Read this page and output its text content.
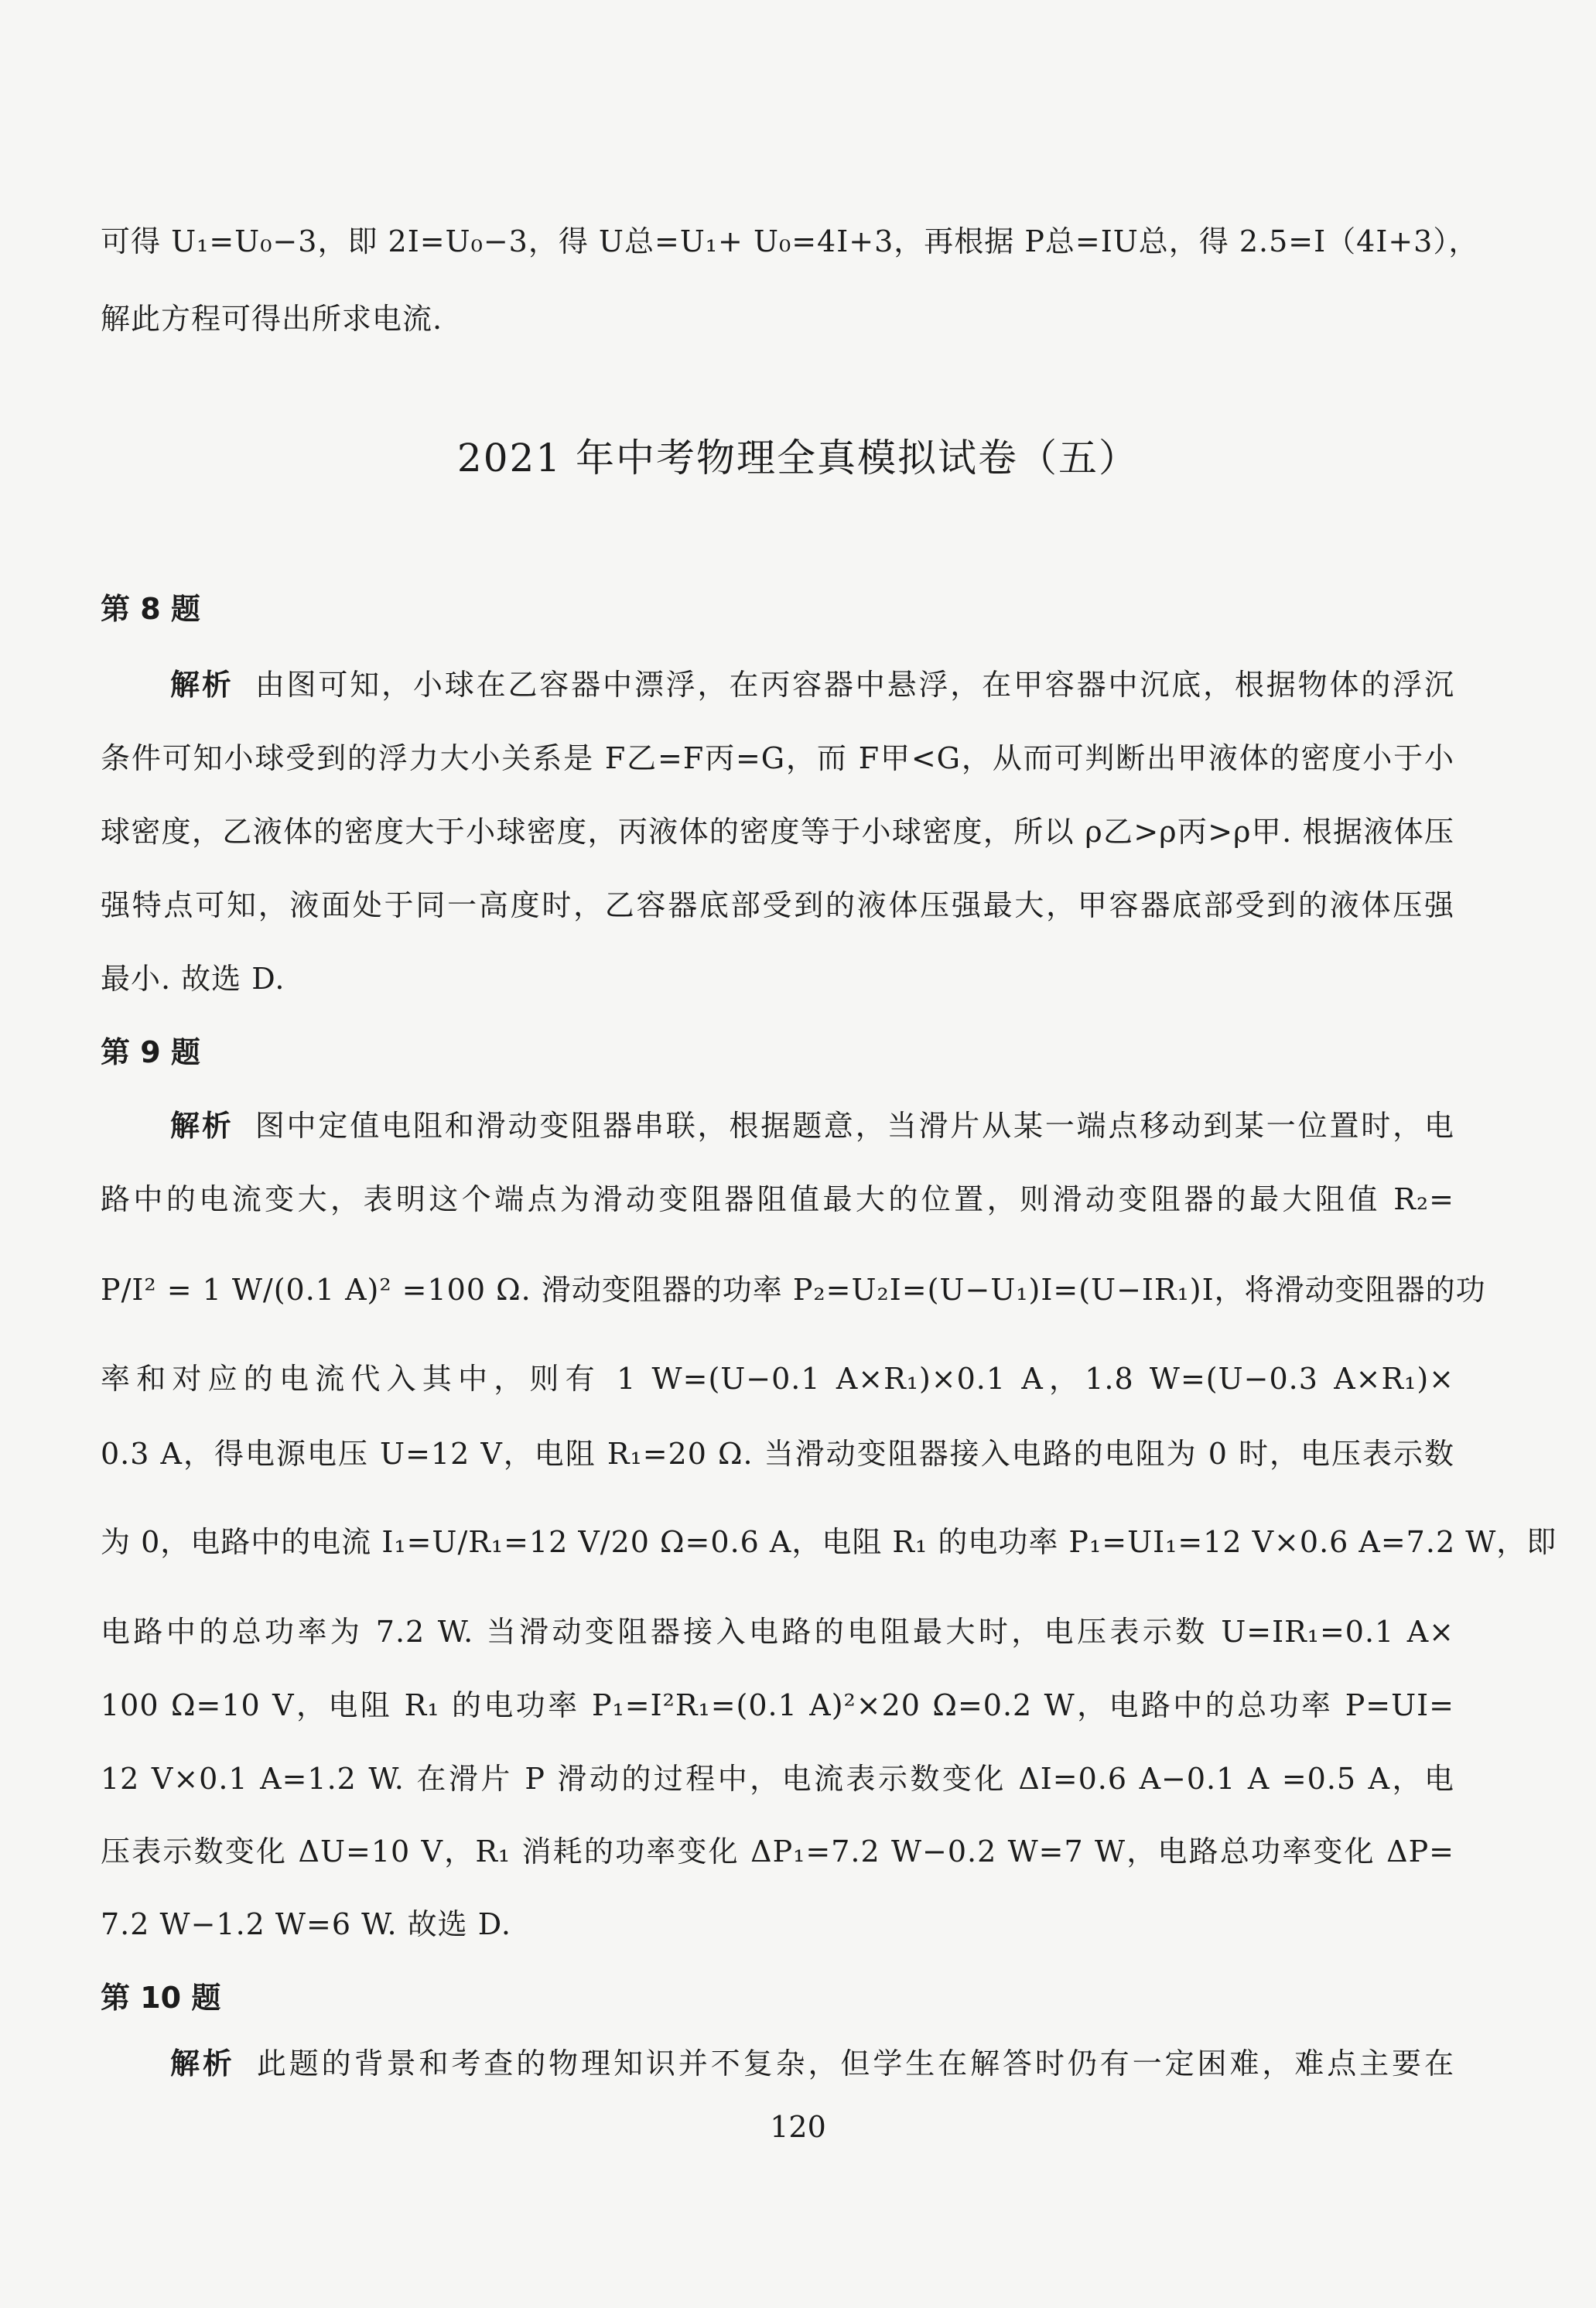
可得 U₁=U₀−3，即 2I=U₀−3，得 U总=U₁+ U₀=4I+3，再根据 P总=IU总，得 2.5=I（4I+3），
解此方程可得出所求电流.
2021 年中考物理全真模拟试卷（五）
第 8 题
解析 由图可知，小球在乙容器中漂浮，在丙容器中悬浮，在甲容器中沉底，根据物体的浮沉
条件可知小球受到的浮力大小关系是 F乙=F丙=G，而 F甲<G，从而可判断出甲液体的密度小于小
球密度，乙液体的密度大于小球密度，丙液体的密度等于小球密度，所以 ρ乙>ρ丙>ρ甲. 根据液体压
强特点可知，液面处于同一高度时，乙容器底部受到的液体压强最大，甲容器底部受到的液体压强
最小. 故选 D.
第 9 题
解析 图中定值电阻和滑动变阻器串联，根据题意，当滑片从某一端点移动到某一位置时，电
路中的电流变大，表明这个端点为滑动变阻器阻值最大的位置，则滑动变阻器的最大阻值 R₂=
P/I² = 1 W/(0.1 A)² =100 Ω. 滑动变阻器的功率 P₂=U₂I=(U−U₁)I=(U−IR₁)I，将滑动变阻器的功
率和对应的电流代入其中，则有 1 W=(U−0.1 A×R₁)×0.1 A，1.8 W=(U−0.3 A×R₁)×
0.3 A，得电源电压 U=12 V，电阻 R₁=20 Ω. 当滑动变阻器接入电路的电阻为 0 时，电压表示数
为 0，电路中的电流 I₁=U/R₁=12 V/20 Ω=0.6 A，电阻 R₁ 的电功率 P₁=UI₁=12 V×0.6 A=7.2 W，即
电路中的总功率为 7.2 W. 当滑动变阻器接入电路的电阻最大时，电压表示数 U=IR₁=0.1 A×
100 Ω=10 V，电阻 R₁ 的电功率 P₁=I²R₁=(0.1 A)²×20 Ω=0.2 W，电路中的总功率 P=UI=
12 V×0.1 A=1.2 W. 在滑片 P 滑动的过程中，电流表示数变化 ΔI=0.6 A−0.1 A =0.5 A，电
压表示数变化 ΔU=10 V，R₁ 消耗的功率变化 ΔP₁=7.2 W−0.2 W=7 W，电路总功率变化 ΔP=
7.2 W−1.2 W=6 W. 故选 D.
第 10 题
解析 此题的背景和考查的物理知识并不复杂，但学生在解答时仍有一定困难，难点主要在
120
